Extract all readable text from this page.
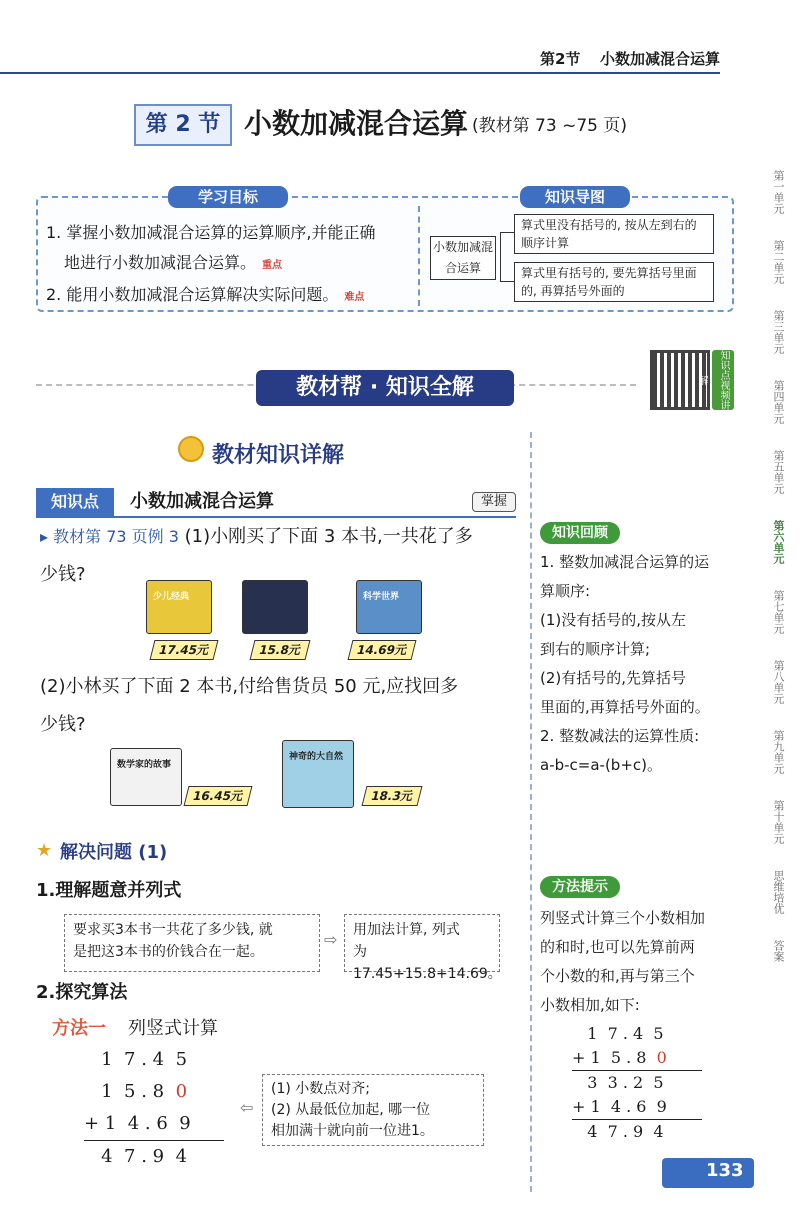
第2节 小数加减混合运算
第 2 节 小数加减混合运算 (教材第 73 ~75 页)
学习目标	知识导图
1. 掌握小数加减混合运算的运算顺序,并能正确
地进行小数加减混合运算。 重点
2. 能用小数加减混合运算解决实际问题。 难点
小数加减混合运算
算式里没有括号的, 按从左到右的顺序计算
算式里有括号的, 要先算括号里面的, 再算括号外面的
第一单元
第二单元
第三单元
第四单元
第五单元
第六单元
第七单元
第八单元
第九单元
第十单元
思维培优
答案
教材帮 · 知识全解	知识点视频讲解
教材知识详解
知识点	小数加减混合运算	掌握
▸ 教材第 73 页例 3 (1)小刚买了下面 3 本书,一共花了多
少钱?
少儿经典
17.45元	15.8元
科学世界
14.69元
(2)小林买了下面 2 本书,付给售货员 50 元,应找回多
少钱?
数学家的故事
16.45元
神奇的大自然
18.3元
★ 解决问题 (1)
1.理解题意并列式
要求买3本书一共花了多少钱, 就
是把这3本书的价钱合在一起。
⇨ 用加法计算, 列式
为17.45+15.8+14.69。
2.探究算法
方法一 列竖式计算
1  7 . 4  5
1  5 . 8  0
+ 1  4 . 6  9
4  7 . 9  4
⇦
(1) 小数点对齐;
(2) 从最低位加起, 哪一位
相加满十就向前一位进1。
知识回顾
1. 整数加减混合运算的运
算顺序:
(1)没有括号的,按从左
到右的顺序计算;
(2)有括号的,先算括号
里面的,再算括号外面的。
2. 整数减法的运算性质:
a-b-c=a-(b+c)。
方法提示
列竖式计算三个小数相加
的和时,也可以先算前两
个小数的和,再与第三个
小数相加,如下:
1  7 . 4  5
+ 1  5 . 8  0
3  3 . 2  5
+ 1  4 . 6  9
4  7 . 9  4
133
